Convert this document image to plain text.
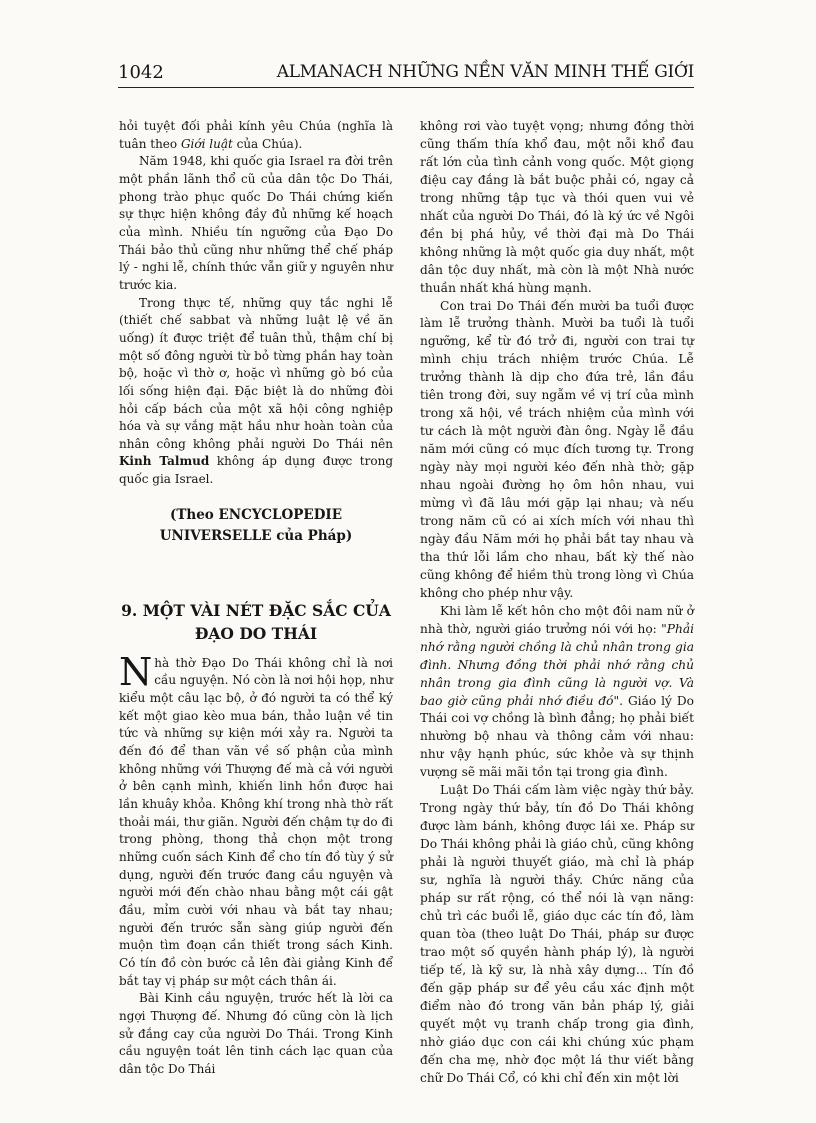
1042	ALMANACH NHỮNG NỀN VĂN MINH THẾ GIỚI

hỏi tuyệt đối phải kính yêu Chúa (nghĩa là tuân theo Giới luật của Chúa).

Năm 1948, khi quốc gia Israel ra đời trên một phần lãnh thổ cũ của dân tộc Do Thái, phong trào phục quốc Do Thái chứng kiến sự thực hiện không đầy đủ những kế hoạch của mình. Nhiều tín ngưỡng của Đạo Do Thái bảo thủ cũng như những thể chế pháp lý - nghi lễ, chính thức vẫn giữ y nguyên như trước kia.

Trong thực tế, những quy tắc nghi lễ (thiết chế sabbat và những luật lệ về ăn uống) ít được triệt để tuân thủ, thậm chí bị một số đông người từ bỏ từng phần hay toàn bộ, hoặc vì thờ ơ, hoặc vì những gò bó của lối sống hiện đại. Đặc biệt là do những đòi hỏi cấp bách của một xã hội công nghiệp hóa và sự vắng mặt hầu như hoàn toàn của nhân công không phải người Do Thái nên Kinh Talmud không áp dụng được trong quốc gia Israel.

(Theo ENCYCLOPEDIE
UNIVERSELLE của Pháp)
9. MỘT VÀI NÉT ĐẶC SẮC CỦA
ĐẠO DO THÁI

Nhà thờ Đạo Do Thái không chỉ là nơi cầu nguyện. Nó còn là nơi hội họp, như kiểu một câu lạc bộ, ở đó người ta có thể ký kết một giao kèo mua bán, thảo luận về tin tức và những sự kiện mới xảy ra. Người ta đến đó để than vãn về số phận của mình không những với Thượng đế mà cả với người ở bên cạnh mình, khiến linh hồn được hai lần khuây khỏa. Không khí trong nhà thờ rất thoải mái, thư giãn. Người đến chậm tự do đi trong phòng, thong thả chọn một trong những cuốn sách Kinh để cho tín đồ tùy ý sử dụng, người đến trước đang cầu nguyện và người mới đến chào nhau bằng một cái gật đầu, mỉm cười với nhau và bắt tay nhau; người đến trước sẵn sàng giúp người đến muộn tìm đoạn cần thiết trong sách Kinh. Có tín đồ còn bước cả lên đài giảng Kinh để bắt tay vị pháp sư một cách thân ái.

Bài Kinh cầu nguyện, trước hết là lời ca ngợi Thượng đế. Nhưng đó cũng còn là lịch sử đắng cay của người Do Thái. Trong Kinh cầu nguyện toát lên tinh cách lạc quan của dân tộc Do Thái

không rơi vào tuyệt vọng; nhưng đồng thời cũng thấm thía khổ đau, một nỗi khổ đau rất lớn của tình cảnh vong quốc. Một giọng điệu cay đắng là bắt buộc phải có, ngay cả trong những tập tục và thói quen vui vẻ nhất của người Do Thái, đó là ký ức về Ngôi đền bị phá hủy, về thời đại mà Do Thái không những là một quốc gia duy nhất, một dân tộc duy nhất, mà còn là một Nhà nước thuần nhất khá hùng mạnh.

Con trai Do Thái đến mười ba tuổi được làm lễ trưởng thành. Mười ba tuổi là tuổi ngưỡng, kể từ đó trở đi, người con trai tự mình chịu trách nhiệm trước Chúa. Lễ trưởng thành là dịp cho đứa trẻ, lần đầu tiên trong đời, suy ngẫm về vị trí của mình trong xã hội, về trách nhiệm của mình với tư cách là một người đàn ông. Ngày lễ đầu năm mới cũng có mục đích tương tự. Trong ngày này mọi người kéo đến nhà thờ; gặp nhau ngoài đường họ ôm hôn nhau, vui mừng vì đã lâu mới gặp lại nhau; và nếu trong năm cũ có ai xích mích với nhau thì ngày đầu Năm mới họ phải bắt tay nhau và tha thứ lỗi lầm cho nhau, bất kỳ thế nào cũng không để hiềm thù trong lòng vì Chúa không cho phép như vậy.

Khi làm lễ kết hôn cho một đôi nam nữ ở nhà thờ, người giáo trưởng nói với họ: "Phải nhớ rằng người chồng là chủ nhân trong gia đình. Nhưng đồng thời phải nhớ rằng chủ nhân trong gia đình cũng là người vợ. Và bao giờ cũng phải nhớ điều đó". Giáo lý Do Thái coi vợ chồng là bình đẳng; họ phải biết nhường bộ nhau và thông cảm với nhau: như vậy hạnh phúc, sức khỏe và sự thịnh vượng sẽ mãi mãi tồn tại trong gia đình.

Luật Do Thái cấm làm việc ngày thứ bảy. Trong ngày thứ bảy, tín đồ Do Thái không được làm bánh, không được lái xe. Pháp sư Do Thái không phải là giáo chủ, cũng không phải là người thuyết giáo, mà chỉ là pháp sư, nghĩa là người thầy. Chức năng của pháp sư rất rộng, có thể nói là vạn năng: chủ trì các buổi lễ, giáo dục các tín đồ, làm quan tòa (theo luật Do Thái, pháp sư được trao một số quyền hành pháp lý), là người tiếp tế, là kỹ sư, là nhà xây dựng... Tín đồ đến gặp pháp sư để yêu cầu xác định một điểm nào đó trong văn bản pháp lý, giải quyết một vụ tranh chấp trong gia đình, nhờ giáo dục con cái khi chúng xúc phạm đến cha mẹ, nhờ đọc một lá thư viết bằng chữ Do Thái Cổ, có khi chỉ đến xin một lời
